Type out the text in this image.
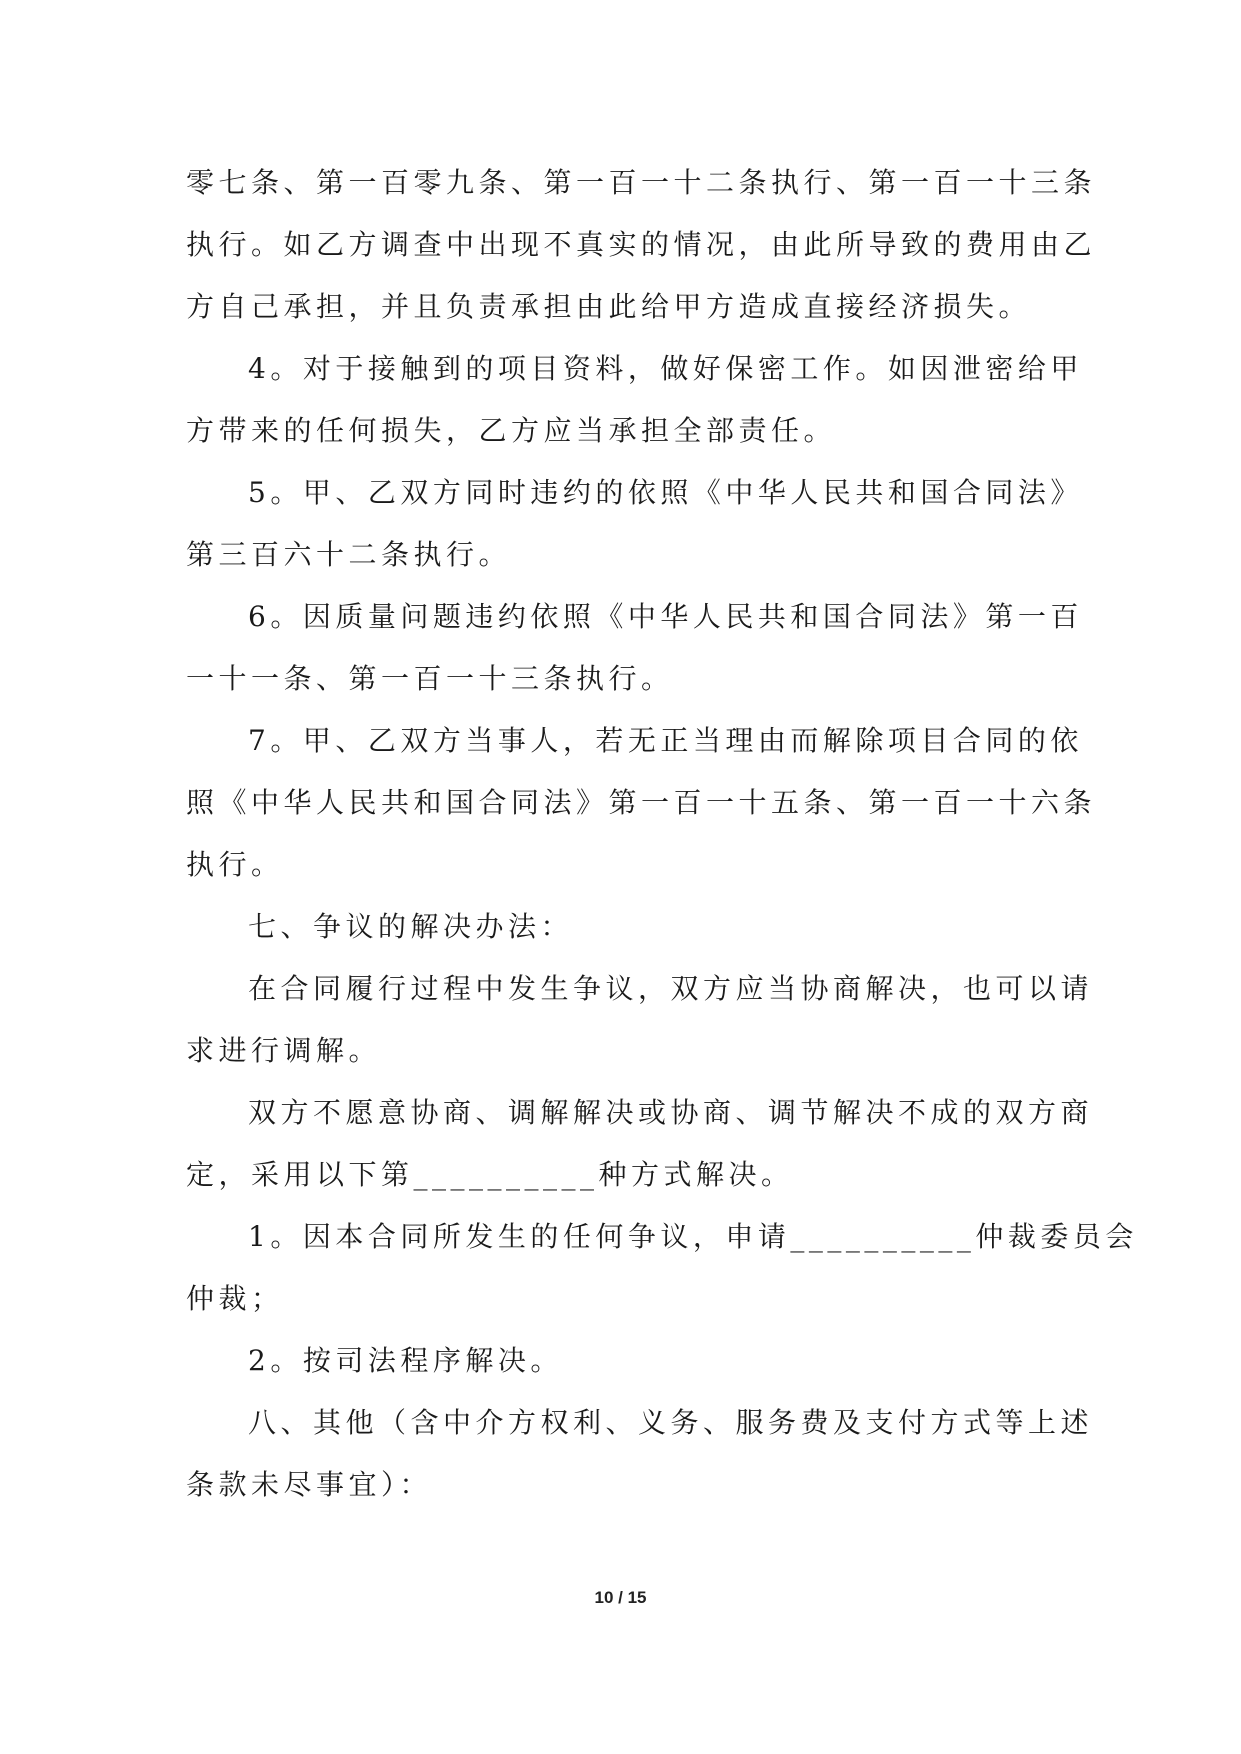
零七条、第一百零九条、第一百一十二条执行、第一百一十三条
执行。如乙方调查中出现不真实的情况，由此所导致的费用由乙
方自己承担，并且负责承担由此给甲方造成直接经济损失。
4。对于接触到的项目资料，做好保密工作。如因泄密给甲
方带来的任何损失，乙方应当承担全部责任。
5。甲、乙双方同时违约的依照《中华人民共和国合同法》
第三百六十二条执行。
6。因质量问题违约依照《中华人民共和国合同法》第一百
一十一条、第一百一十三条执行。
7。甲、乙双方当事人，若无正当理由而解除项目合同的依
照《中华人民共和国合同法》第一百一十五条、第一百一十六条
执行。
七、争议的解决办法：
在合同履行过程中发生争议，双方应当协商解决，也可以请
求进行调解。
双方不愿意协商、调解解决或协商、调节解决不成的双方商
定，采用以下第__________种方式解决。
1。因本合同所发生的任何争议，申请__________仲裁委员会
仲裁；
2。按司法程序解决。
八、其他（含中介方权利、义务、服务费及支付方式等上述
条款未尽事宜）：
10 / 15
